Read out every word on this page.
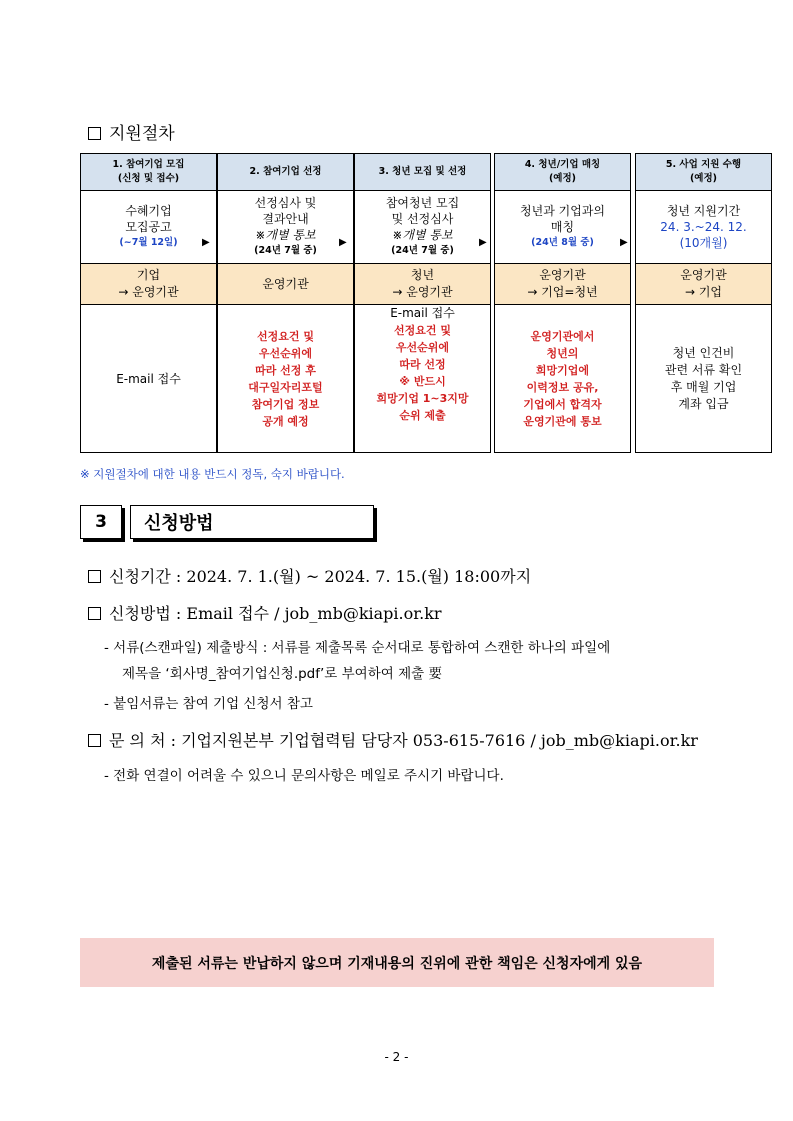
지원절차
1. 참여기업 모집
(신청 및 접수)
수혜기업
모집공고
(~7월 12일)
기업
→ 운영기관
E-mail 접수
▶
2. 참여기업 선정
선정심사 및
결과안내
※개별 통보
(24년 7월 중)
운영기관
선정요건 및
우선순위에
따라 선정 후
대구일자리포털
참여기업 정보
공개 예정
▶
3. 청년 모집 및 선정
참여청년 모집
및 선정심사
※개별 통보
(24년 7월 중)
청년
→ 운영기관
E-mail 접수
선정요건 및
우선순위에
따라 선정
※ 반드시
희망기업 1~3지망
순위 제출
▶
4. 청년/기업 매칭
(예정)
청년과 기업과의
매칭
(24년 8월 중)
운영기관
→ 기업=청년
운영기관에서
청년의
희망기업에
이력정보 공유,
기업에서 합격자
운영기관에 통보
▶
5. 사업 지원 수행
(예정)
청년 지원기간
24. 3.~24. 12.
(10개월)
운영기관
→ 기업
청년 인건비
관련 서류 확인
후 매월 기업
계좌 입금
※ 지원절차에 대한 내용 반드시 정독, 숙지 바랍니다.
3 신청방법
신청기간 : 2024. 7. 1.(월) ~ 2024. 7. 15.(월) 18:00까지
신청방법 : Email 접수 / job_mb@kiapi.or.kr
- 서류(스캔파일) 제출방식 : 서류를 제출목록 순서대로 통합하여 스캔한 하나의 파일에
제목을 ‘회사명_참여기업신청.pdf’로 부여하여 제출 要
- 붙임서류는 참여 기업 신청서 참고
문 의 처 : 기업지원본부 기업협력팀 담당자 053-615-7616 / job_mb@kiapi.or.kr
- 전화 연결이 어려울 수 있으니 문의사항은 메일로 주시기 바랍니다.
제출된 서류는 반납하지 않으며 기재내용의 진위에 관한 책임은 신청자에게 있음
- 2 -
